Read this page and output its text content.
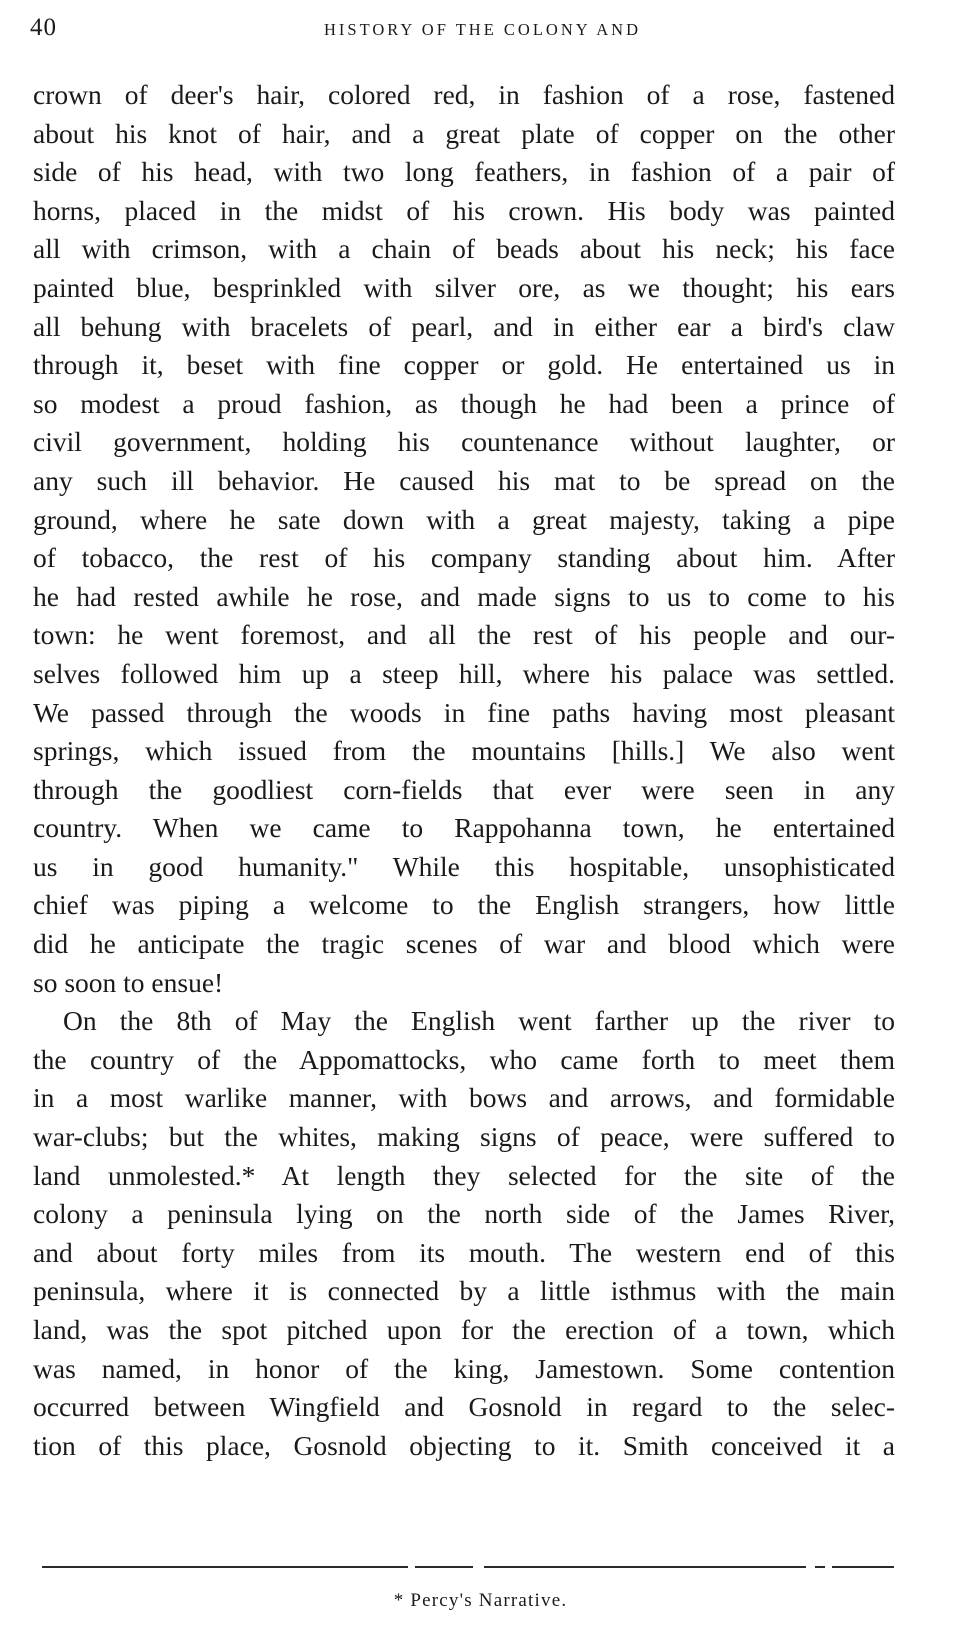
40	HISTORY OF THE COLONY AND
crown of deer's hair, colored red, in fashion of a rose, fastened
about his knot of hair, and a great plate of copper on the other
side of his head, with two long feathers, in fashion of a pair of
horns, placed in the midst of his crown. His body was painted
all with crimson, with a chain of beads about his neck; his face
painted blue, besprinkled with silver ore, as we thought; his ears
all behung with bracelets of pearl, and in either ear a bird's claw
through it, beset with fine copper or gold. He entertained us in
so modest a proud fashion, as though he had been a prince of
civil government, holding his countenance without laughter, or
any such ill behavior. He caused his mat to be spread on the
ground, where he sate down with a great majesty, taking a pipe
of tobacco, the rest of his company standing about him. After
he had rested awhile he rose, and made signs to us to come to his
town: he went foremost, and all the rest of his people and our-
selves followed him up a steep hill, where his palace was settled.
We passed through the woods in fine paths having most pleasant
springs, which issued from the mountains [hills.] We also went
through the goodliest corn-fields that ever were seen in any
country. When we came to Rappohanna town, he entertained
us in good humanity." While this hospitable, unsophisticated
chief was piping a welcome to the English strangers, how little
did he anticipate the tragic scenes of war and blood which were
so soon to ensue!
On the 8th of May the English went farther up the river to
the country of the Appomattocks, who came forth to meet them
in a most warlike manner, with bows and arrows, and formidable
war-clubs; but the whites, making signs of peace, were suffered to
land unmolested.* At length they selected for the site of the
colony a peninsula lying on the north side of the James River,
and about forty miles from its mouth. The western end of this
peninsula, where it is connected by a little isthmus with the main
land, was the spot pitched upon for the erection of a town, which
was named, in honor of the king, Jamestown. Some contention
occurred between Wingfield and Gosnold in regard to the selec-
tion of this place, Gosnold objecting to it. Smith conceived it a
* Percy's Narrative.
